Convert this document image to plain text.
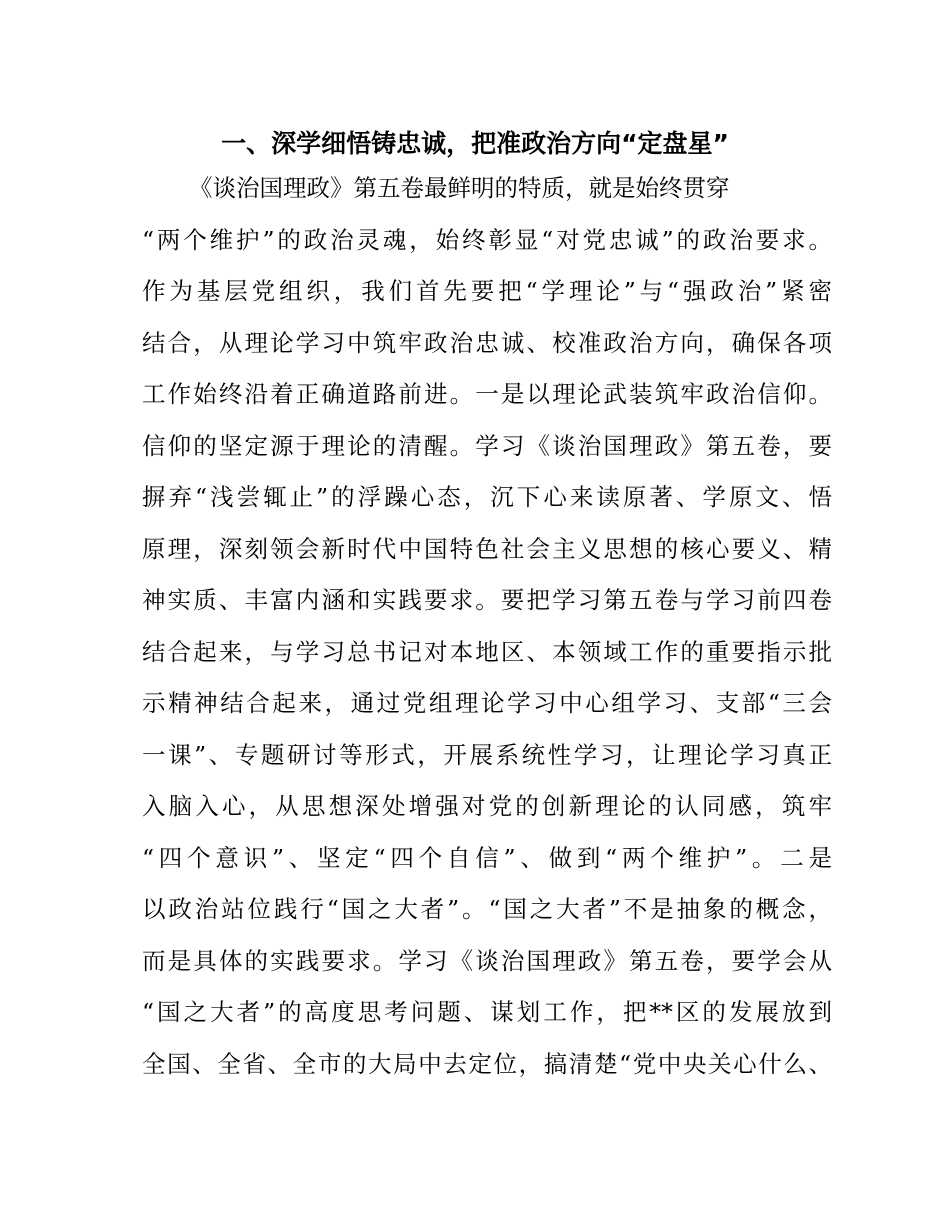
一、深学细悟铸忠诚，把准政治方向“定盘星”
《谈治国理政》第五卷最鲜明的特质，就是始终贯穿
“两个维护”的政治灵魂，始终彰显“对党忠诚”的政治要求。
作为基层党组织，我们首先要把“学理论”与“强政治”紧密
结合，从理论学习中筑牢政治忠诚、校准政治方向，确保各项
工作始终沿着正确道路前进。一是以理论武装筑牢政治信仰。
信仰的坚定源于理论的清醒。学习《谈治国理政》第五卷，要
摒弃“浅尝辄止”的浮躁心态，沉下心来读原著、学原文、悟
原理，深刻领会新时代中国特色社会主义思想的核心要义、精
神实质、丰富内涵和实践要求。要把学习第五卷与学习前四卷
结合起来，与学习总书记对本地区、本领域工作的重要指示批
示精神结合起来，通过党组理论学习中心组学习、支部“三会
一课”、专题研讨等形式，开展系统性学习，让理论学习真正
入脑入心，从思想深处增强对党的创新理论的认同感，筑牢
“四个意识”、坚定“四个自信”、做到“两个维护”。二是
以政治站位践行“国之大者”。“国之大者”不是抽象的概念，
而是具体的实践要求。学习《谈治国理政》第五卷，要学会从
“国之大者”的高度思考问题、谋划工作，把**区的发展放到
全国、全省、全市的大局中去定位，搞清楚“党中央关心什么、
